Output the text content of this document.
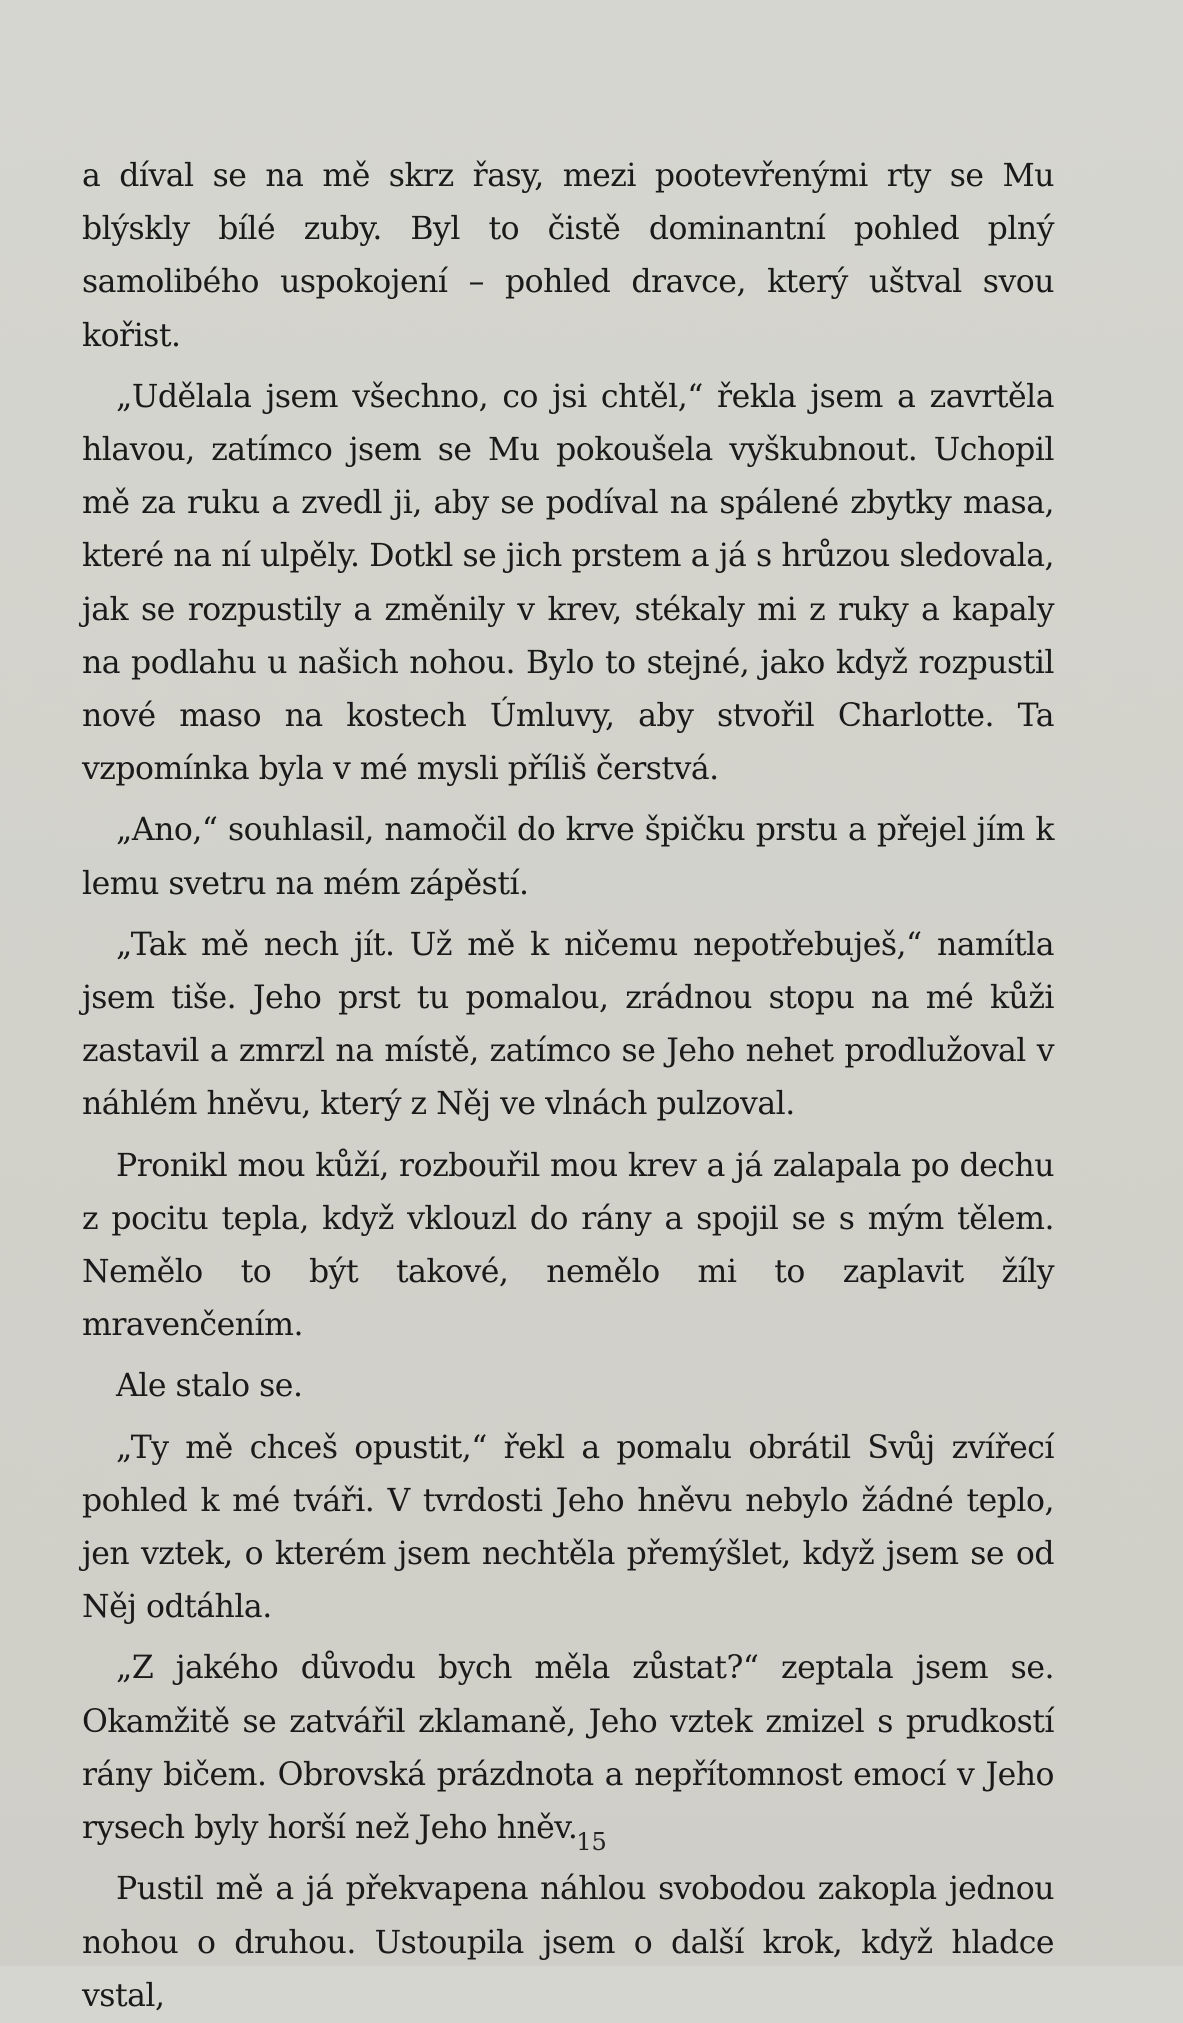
a díval se na mě skrz řasy, mezi pootevřenými rty se Mu blýskly bílé zuby. Byl to čistě dominantní pohled plný samolibého uspokojení – pohled dravce, který uštval svou kořist.

„Udělala jsem všechno, co jsi chtěl,“ řekla jsem a zavrtěla hlavou, zatímco jsem se Mu pokoušela vyškubnout. Uchopil mě za ruku a zvedl ji, aby se podíval na spálené zbytky masa, které na ní ulpěly. Dotkl se jich prstem a já s hrůzou sledovala, jak se rozpustily a změnily v krev, stékaly mi z ruky a kapaly na podlahu u našich nohou. Bylo to stejné, jako když rozpustil nové maso na kostech Úmluvy, aby stvořil Charlotte. Ta vzpomínka byla v mé mysli příliš čerstvá.

„Ano,“ souhlasil, namočil do krve špičku prstu a přejel jím k lemu svetru na mém zápěstí.

„Tak mě nech jít. Už mě k ničemu nepotřebuješ,“ namítla jsem tiše. Jeho prst tu pomalou, zrádnou stopu na mé kůži zastavil a zmrzl na místě, zatímco se Jeho nehet prodlužoval v náhlém hněvu, který z Něj ve vlnách pulzoval.

Pronikl mou kůží, rozbouřil mou krev a já zalapala po dechu z pocitu tepla, když vklouzl do rány a spojil se s mým tělem. Nemělo to být takové, nemělo mi to zaplavit žíly mravenčením.

Ale stalo se.

„Ty mě chceš opustit,“ řekl a pomalu obrátil Svůj zvířecí pohled k mé tváři. V tvrdosti Jeho hněvu nebylo žádné teplo, jen vztek, o kterém jsem nechtěla přemýšlet, když jsem se od Něj odtáhla.

„Z jakého důvodu bych měla zůstat?“ zeptala jsem se. Okamžitě se zatvářil zklamaně, Jeho vztek zmizel s prudkostí rány bičem. Obrovská prázdnota a nepřítomnost emocí v Jeho rysech byly horší než Jeho hněv.

Pustil mě a já překvapena náhlou svobodou zakopla jednou nohou o druhou. Ustoupila jsem o další krok, když hladce vstal,

15
